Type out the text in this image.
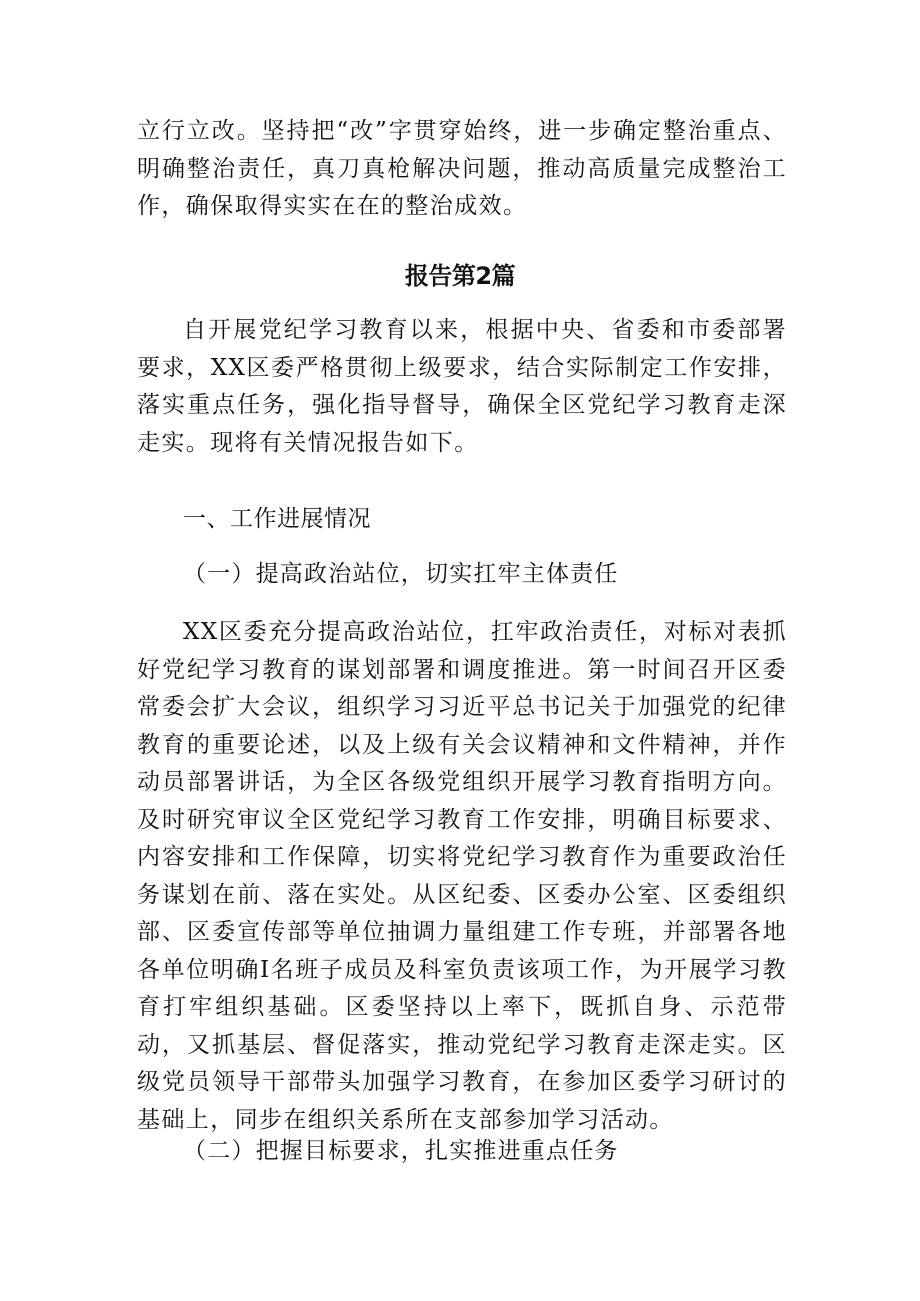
立行立改。坚持把“改”字贯穿始终，进一步确定整治重点、明确整治责任，真刀真枪解决问题，推动高质量完成整治工作，确保取得实实在在的整治成效。

报告第2篇

自开展党纪学习教育以来，根据中央、省委和市委部署要求，XX区委严格贯彻上级要求，结合实际制定工作安排，落实重点任务，强化指导督导，确保全区党纪学习教育走深走实。现将有关情况报告如下。

一、工作进展情况
（一）提高政治站位，切实扛牢主体责任

XX区委充分提高政治站位，扛牢政治责任，对标对表抓好党纪学习教育的谋划部署和调度推进。第一时间召开区委常委会扩大会议，组织学习习近平总书记关于加强党的纪律教育的重要论述，以及上级有关会议精神和文件精神，并作动员部署讲话，为全区各级党组织开展学习教育指明方向。及时研究审议全区党纪学习教育工作安排，明确目标要求、内容安排和工作保障，切实将党纪学习教育作为重要政治任务谋划在前、落在实处。从区纪委、区委办公室、区委组织部、区委宣传部等单位抽调力量组建工作专班，并部署各地各单位明确I名班子成员及科室负责该项工作，为开展学习教育打牢组织基础。区委坚持以上率下，既抓自身、示范带动，又抓基层、督促落实，推动党纪学习教育走深走实。区级党员领导干部带头加强学习教育，在参加区委学习研讨的基础上，同步在组织关系所在支部参加学习活动。

（二）把握目标要求，扎实推进重点任务
